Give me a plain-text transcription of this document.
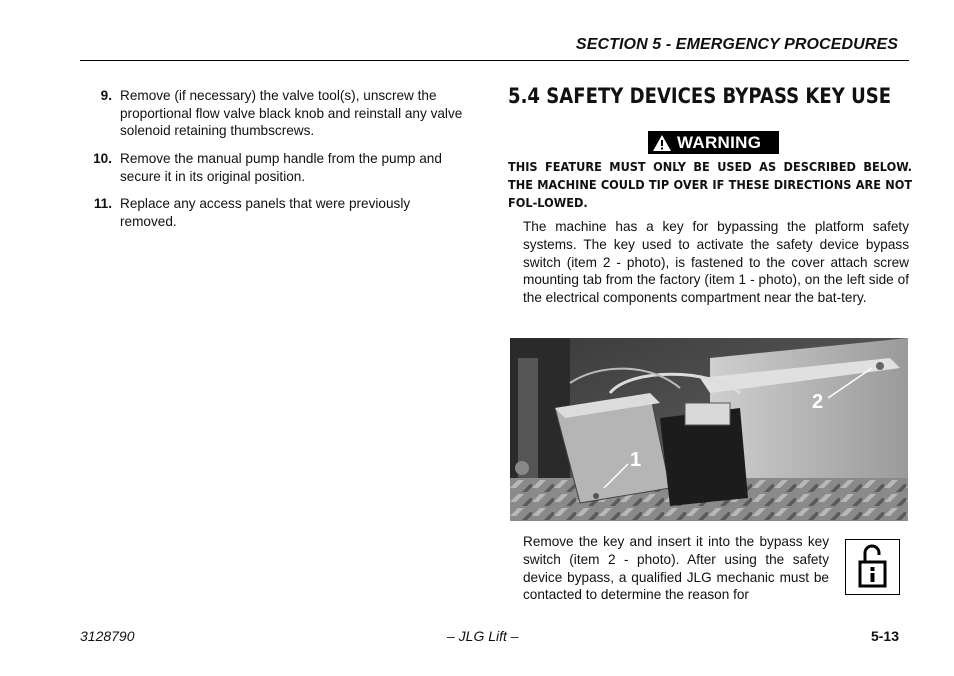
SECTION 5 - EMERGENCY PROCEDURES
9. Remove (if necessary) the valve tool(s), unscrew the proportional flow valve black knob and reinstall any valve solenoid retaining thumbscrews.
10. Remove the manual pump handle from the pump and secure it in its original position.
11. Replace any access panels that were previously removed.
5.4 SAFETY DEVICES BYPASS KEY USE
WARNING
THIS FEATURE MUST ONLY BE USED AS DESCRIBED BELOW. THE MACHINE COULD TIP OVER IF THESE DIRECTIONS ARE NOT FOL-LOWED.
The machine has a key for bypassing the platform safety systems. The key used to activate the safety device bypass switch (item 2 - photo), is fastened to the cover attach screw mounting tab from the factory (item 1 - photo), on the left side of the electrical components compartment near the bat-tery.
1
2
Remove the key and insert it into the bypass key switch (item 2 - photo). After using the safety device bypass, a qualified JLG mechanic must be contacted to determine the reason for
3128790	– JLG Lift –	5-13
